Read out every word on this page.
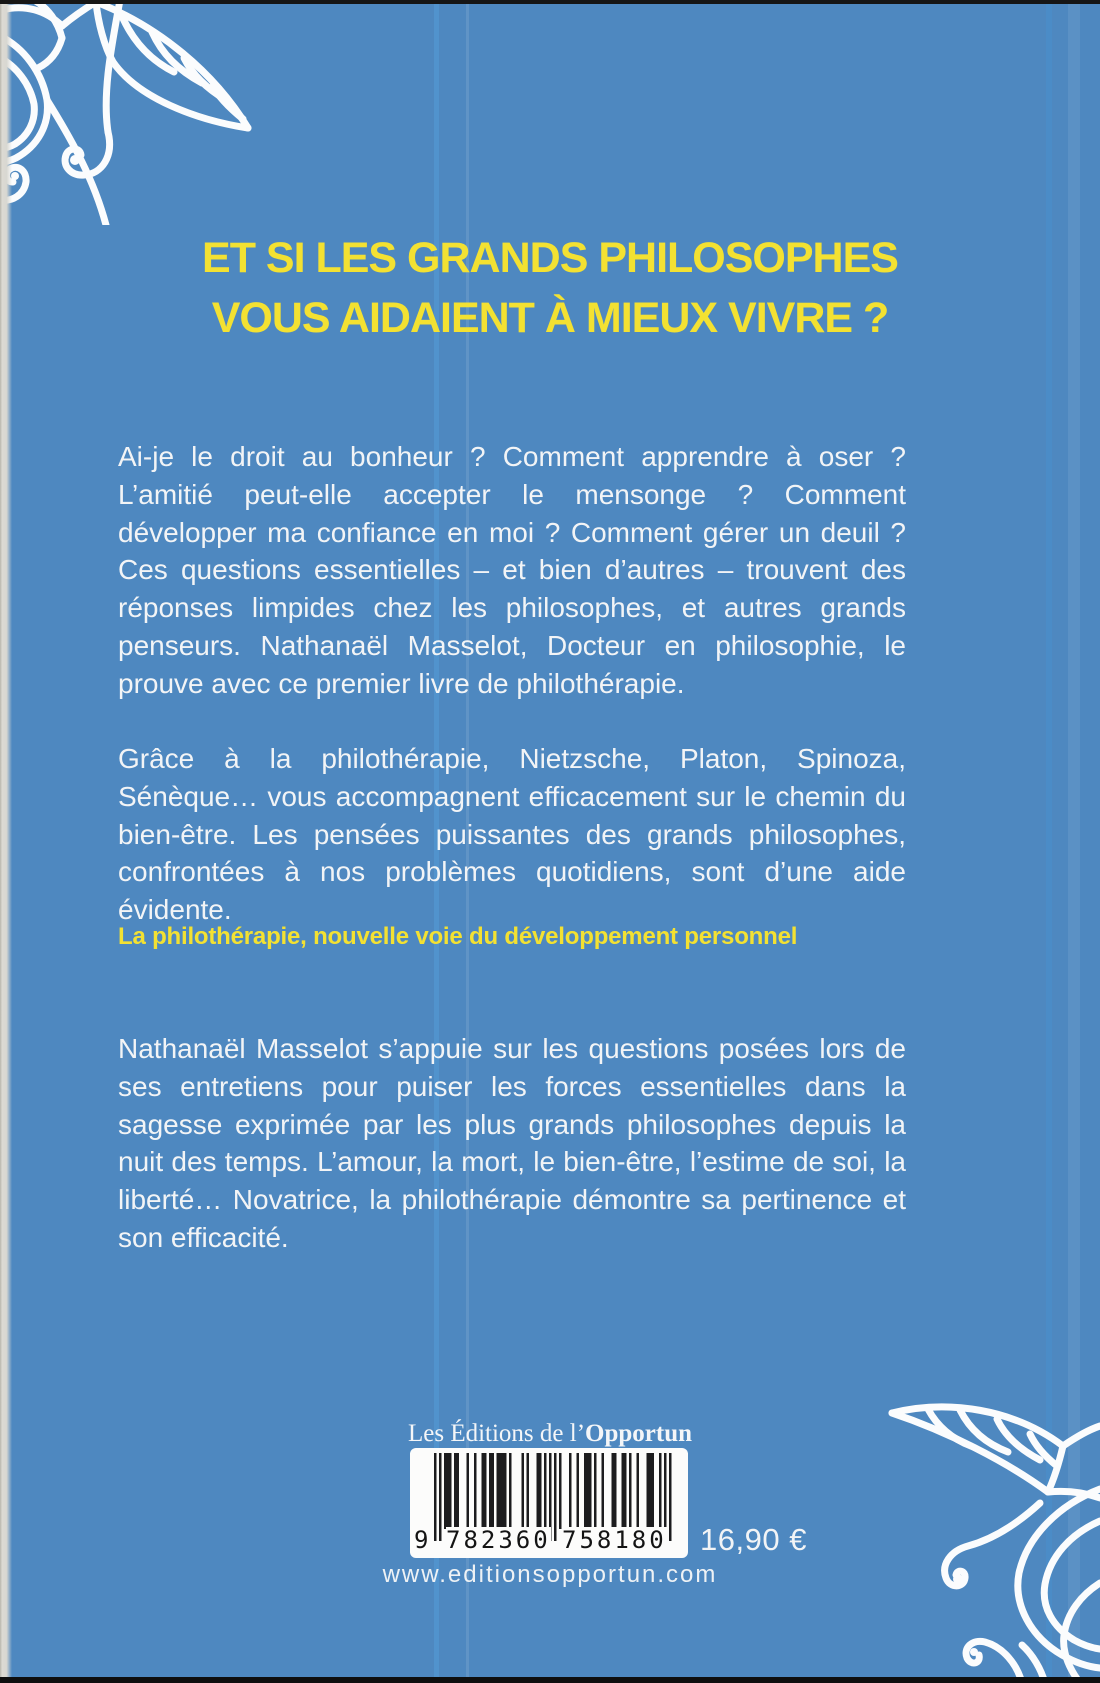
ET SI LES GRANDS PHILOSOPHES
VOUS AIDAIENT À MIEUX VIVRE ?

Ai-je le droit au bonheur ? Comment apprendre à oser ? L’amitié peut-elle accepter le mensonge ? Comment développer ma confiance en moi ? Comment gérer un deuil ? Ces questions essentielles – et bien d’autres – trouvent des réponses limpides chez les philosophes, et autres grands penseurs. Nathanaël Masselot, Docteur en philosophie, le prouve avec ce premier livre de philothérapie.

Grâce à la philothérapie, Nietzsche, Platon, Spinoza, Sénèque… vous accompagnent efficacement sur le chemin du bien-être. Les pensées puissantes des grands philosophes, confrontées à nos problèmes quotidiens, sont d’une aide évidente.

La philothérapie, nouvelle voie du développement personnel

Nathanaël Masselot s’appuie sur les questions posées lors de ses entretiens pour puiser les forces essentielles dans la sagesse exprimée par les plus grands philosophes depuis la nuit des temps. L’amour, la mort, le bien-être, l’estime de soi, la liberté… Novatrice, la philothérapie démontre sa pertinence et son efficacité.

Les Éditions de l’Opportun
9 782360 758180 16,90 €
www.editionsopportun.com
